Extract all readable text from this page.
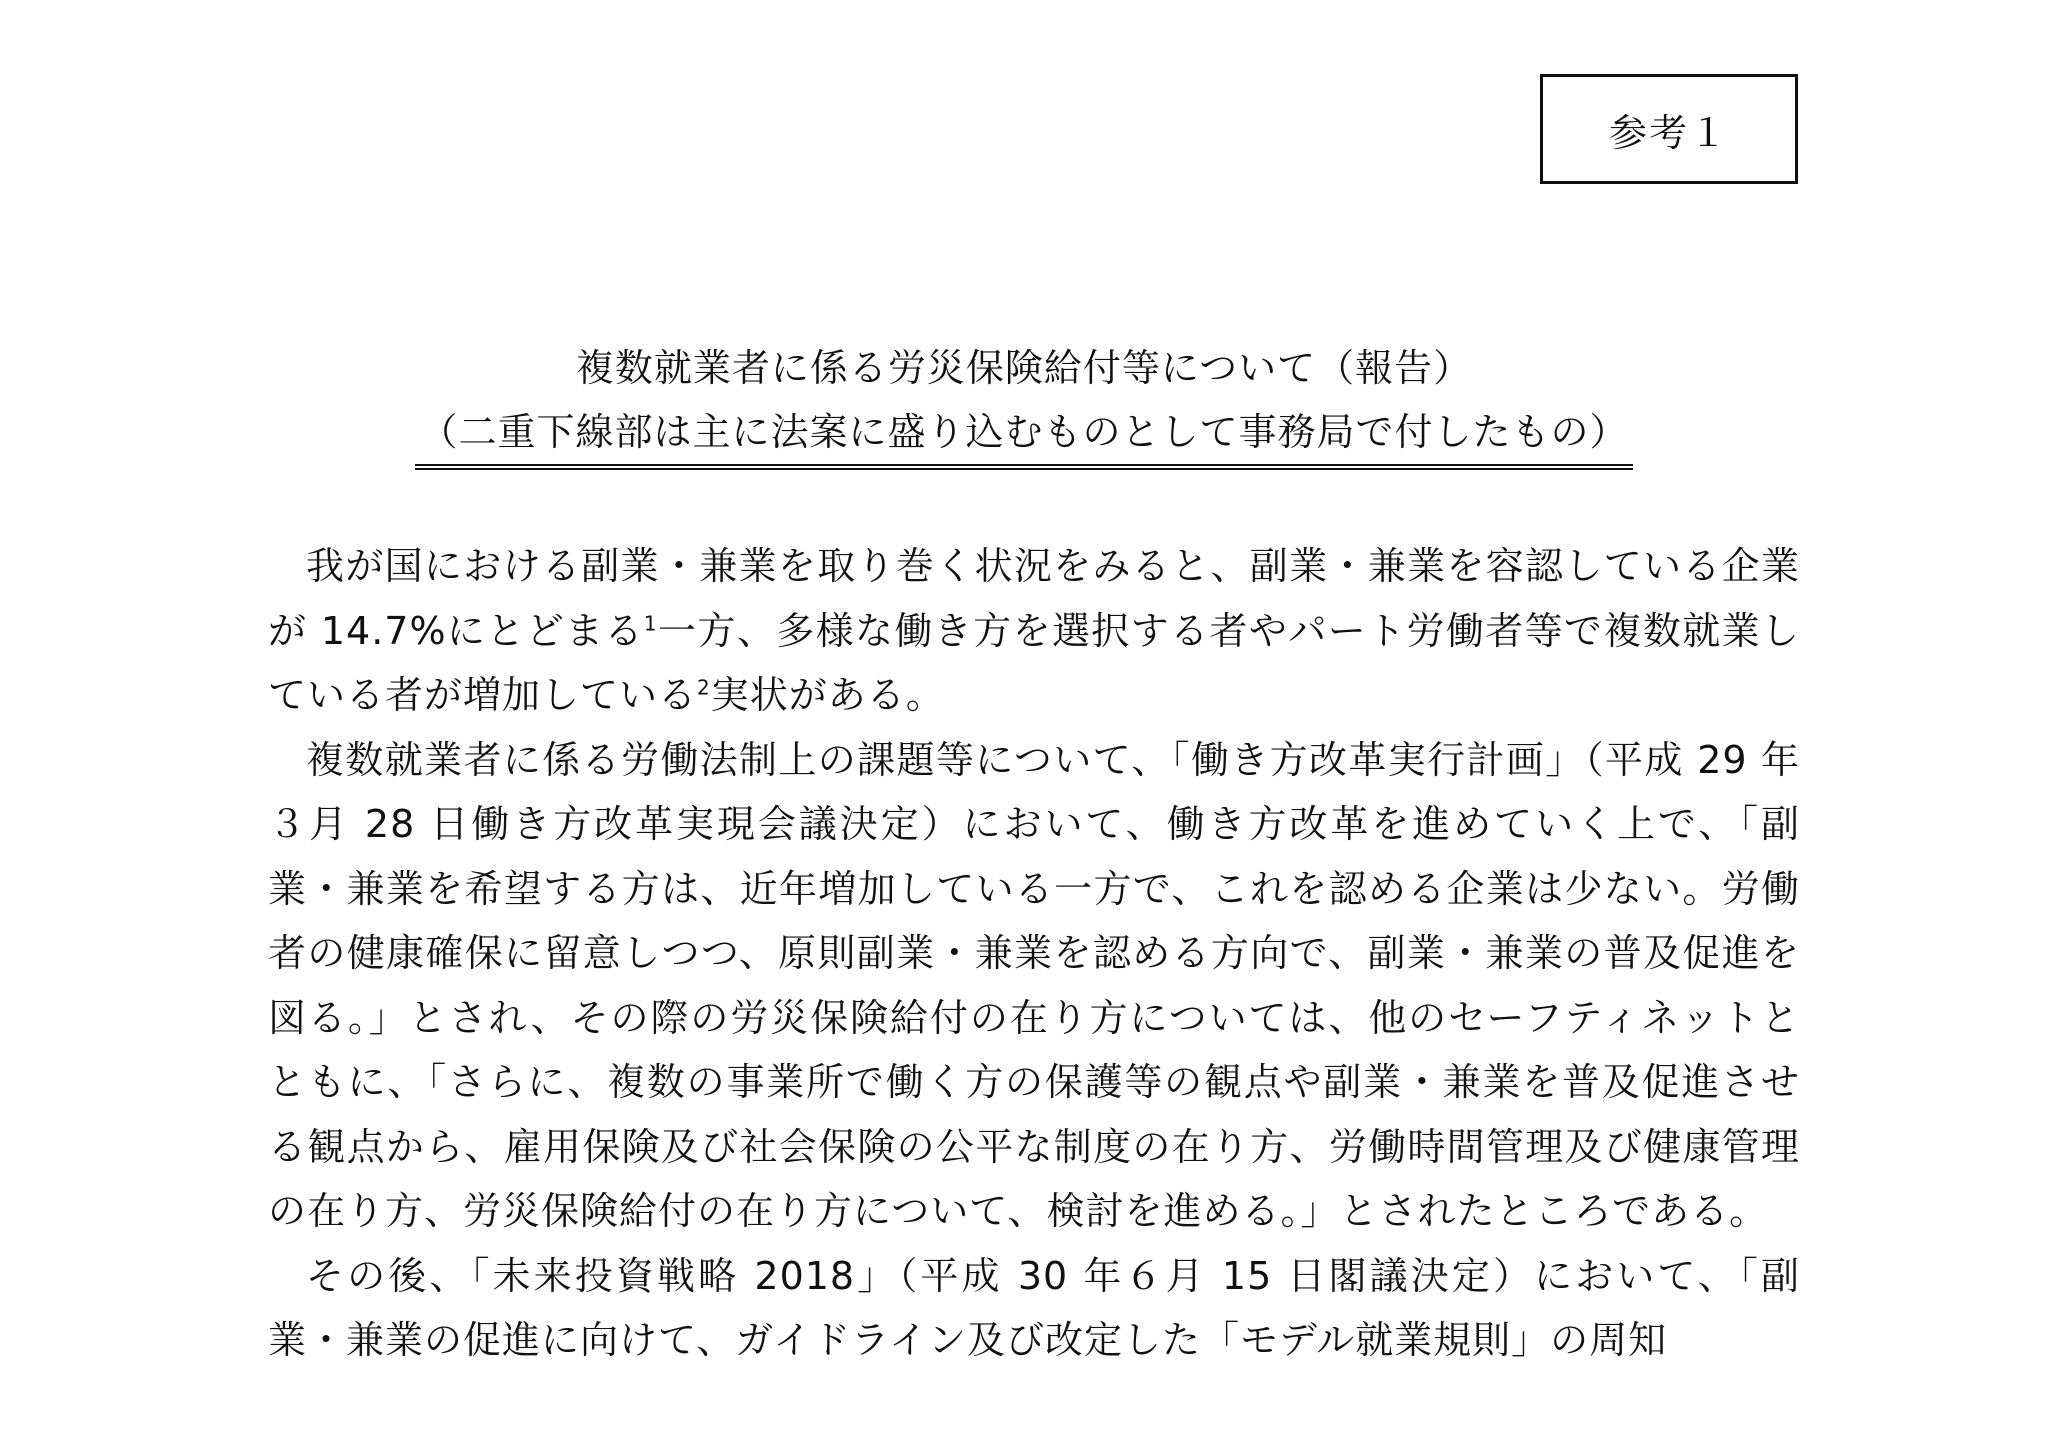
参考１
複数就業者に係る労災保険給付等について（報告）
（二重下線部は主に法案に盛り込むものとして事務局で付したもの）

我が国における副業・兼業を取り巻く状況をみると、副業・兼業を容認している企業が 14.7%にとどまる$^1$一方、多様な働き方を選択する者やパート労働者等で複数就業している者が増加している$^2$実状がある。

複数就業者に係る労働法制上の課題等について、「働き方改革実行計画」（平成 29 年３月 28 日働き方改革実現会議決定）において、働き方改革を進めていく上で、「副業・兼業を希望する方は、近年増加している一方で、これを認める企業は少ない。労働者の健康確保に留意しつつ、原則副業・兼業を認める方向で、副業・兼業の普及促進を図る。」とされ、その際の労災保険給付の在り方については、他のセーフティネットとともに、「さらに、複数の事業所で働く方の保護等の観点や副業・兼業を普及促進させる観点から、雇用保険及び社会保険の公平な制度の在り方、労働時間管理及び健康管理の在り方、労災保険給付の在り方について、検討を進める。」とされたところである。

その後、「未来投資戦略 2018」（平成 30 年６月 15 日閣議決定）において、「副業・兼業の促進に向けて、ガイドライン及び改定した「モデル就業規則」の周知
